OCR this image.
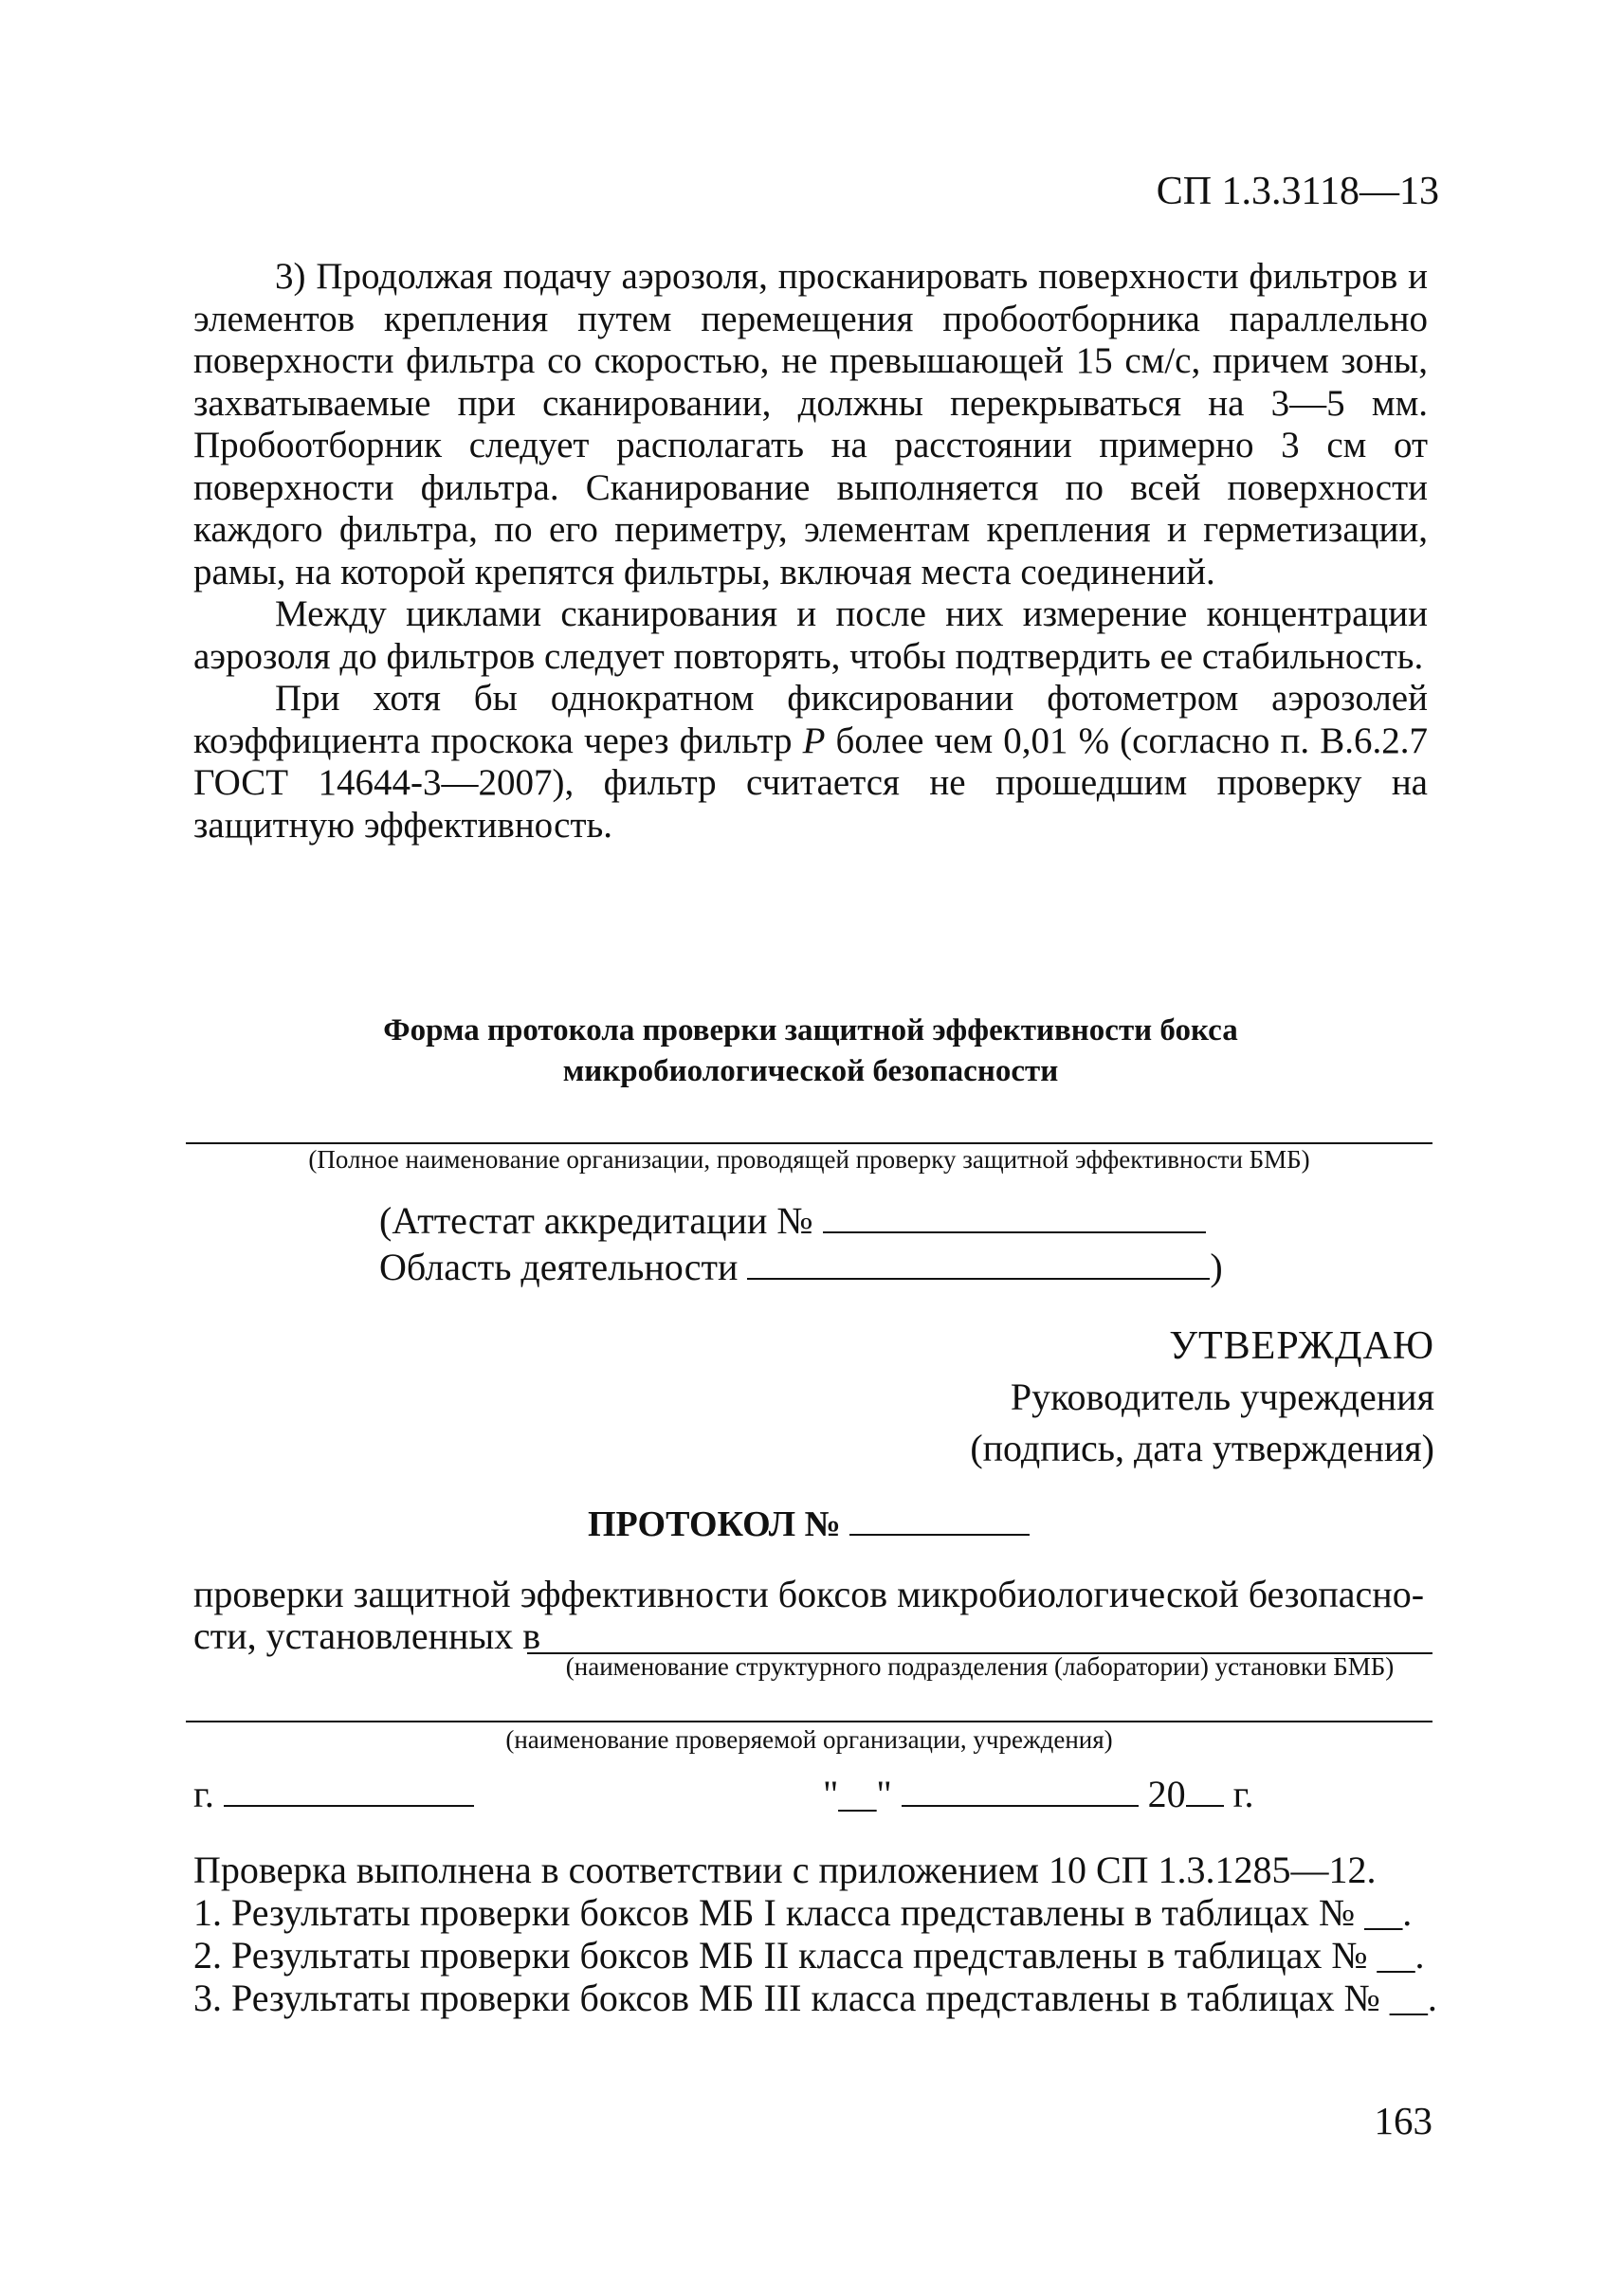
СП 1.3.3118—13

3) Продолжая подачу аэрозоля, просканировать поверхности фильтров и элементов крепления путем перемещения пробоотборника параллельно поверхности фильтра со скоростью, не превышающей 15 см/с, причем зоны, захватываемые при сканировании, должны перекрываться на 3—5 мм. Пробоотборник следует располагать на расстоянии примерно 3 см от поверхности фильтра. Сканирование выполняется по всей поверхности каждого фильтра, по его периметру, элементам крепления и герметизации, рамы, на которой крепятся фильтры, включая места соединений.

Между циклами сканирования и после них измерение концентрации аэрозоля до фильтров следует повторять, чтобы подтвердить ее стабильность.

При хотя бы однократном фиксировании фотометром аэрозолей коэффициента проскока через фильтр P более чем 0,01 % (согласно п. В.6.2.7 ГОСТ 14644-3—2007), фильтр считается не прошедшим проверку на защитную эффективность.

Форма протокола проверки защитной эффективности бокса
микробиологической безопасности
(Полное наименование организации, проводящей проверку защитной эффективности БМБ)
(Аттестат аккредитации №
Область деятельности	)
УТВЕРЖДАЮ
Руководитель учреждения
(подпись, дата утверждения)
ПРОТОКОЛ №
проверки защитной эффективности боксов микробиологической безопасно-
сти, установленных в
(наименование структурного подразделения (лаборатории) установки БМБ)
(наименование проверяемой организации, учреждения)
г.	"__"	20 г.
Проверка выполнена в соответствии с приложением 10 СП 1.3.1285—12.
1. Результаты проверки боксов МБ I класса представлены в таблицах № __.
2. Результаты проверки боксов МБ II класса представлены в таблицах № __.
3. Результаты проверки боксов МБ III класса представлены в таблицах № __.
163
